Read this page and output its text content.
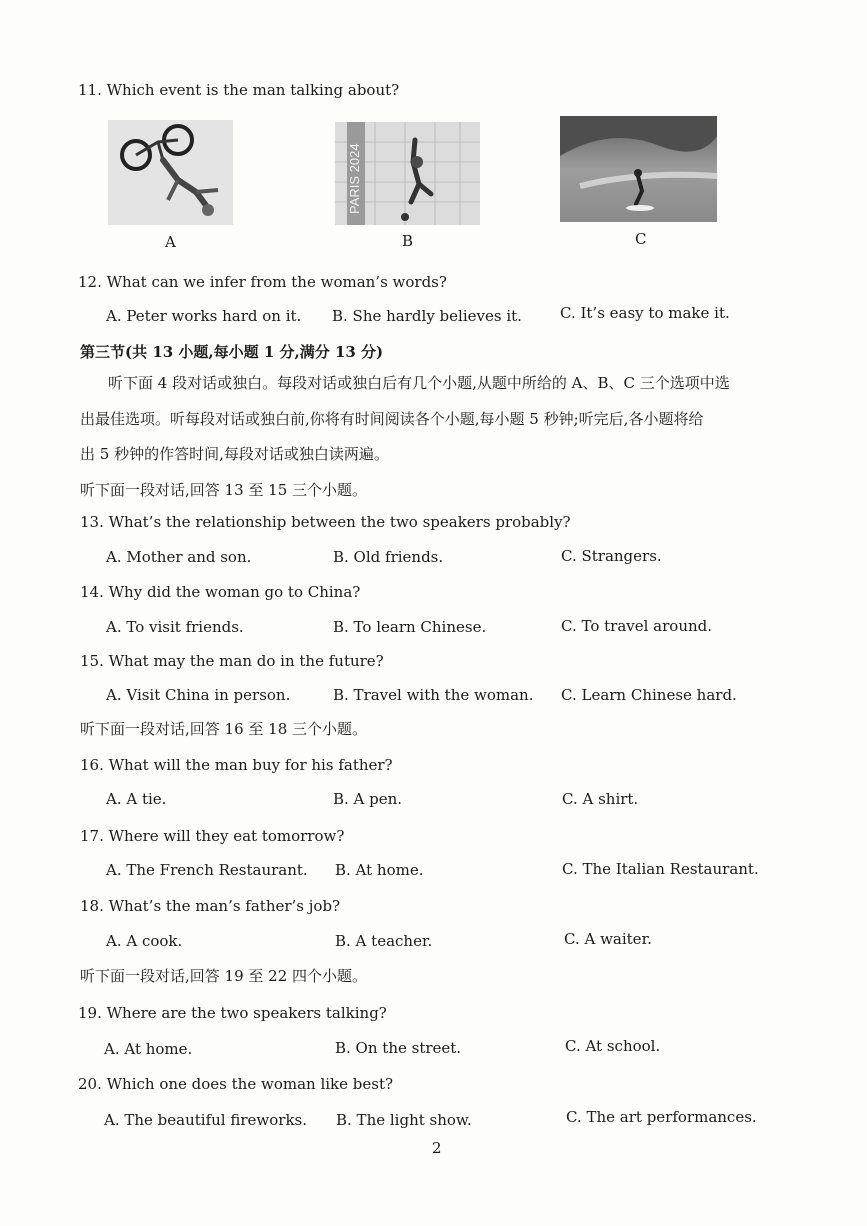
11. Which event is the man talking about?
A
PARIS 2024
B	C
12. What can we infer from the woman’s words?
A. Peter works hard on it. B. She hardly believes it.	C. It’s easy to make it.
第三节(共 13 小题,每小题 1 分,满分 13 分)
听下面 4 段对话或独白。每段对话或独白后有几个小题,从题中所给的 A、B、C 三个选项中选
出最佳选项。听每段对话或独白前,你将有时间阅读各个小题,每小题 5 秒钟;听完后,各小题将给
出 5 秒钟的作答时间,每段对话或独白读两遍。
听下面一段对话,回答 13 至 15 三个小题。
13. What’s the relationship between the two speakers probably?
A. Mother and son.	B. Old friends.	C. Strangers.
14. Why did the woman go to China?
A. To visit friends.	B. To learn Chinese.	C. To travel around.
15. What may the man do in the future?
A. Visit China in person.	B. Travel with the woman. C. Learn Chinese hard.
听下面一段对话,回答 16 至 18 三个小题。
16. What will the man buy for his father?
A. A tie.	B. A pen.	C. A shirt.
17. Where will they eat tomorrow?
A. The French Restaurant. B. At home.	C. The Italian Restaurant.
18. What’s the man’s father’s job?
A. A cook.	B. A teacher.	C. A waiter.
听下面一段对话,回答 19 至 22 四个小题。
19. Where are the two speakers talking?
A. At home.	B. On the street.	C. At school.
20. Which one does the woman like best?
A. The beautiful fireworks. B. The light show.	C. The art performances.
2
